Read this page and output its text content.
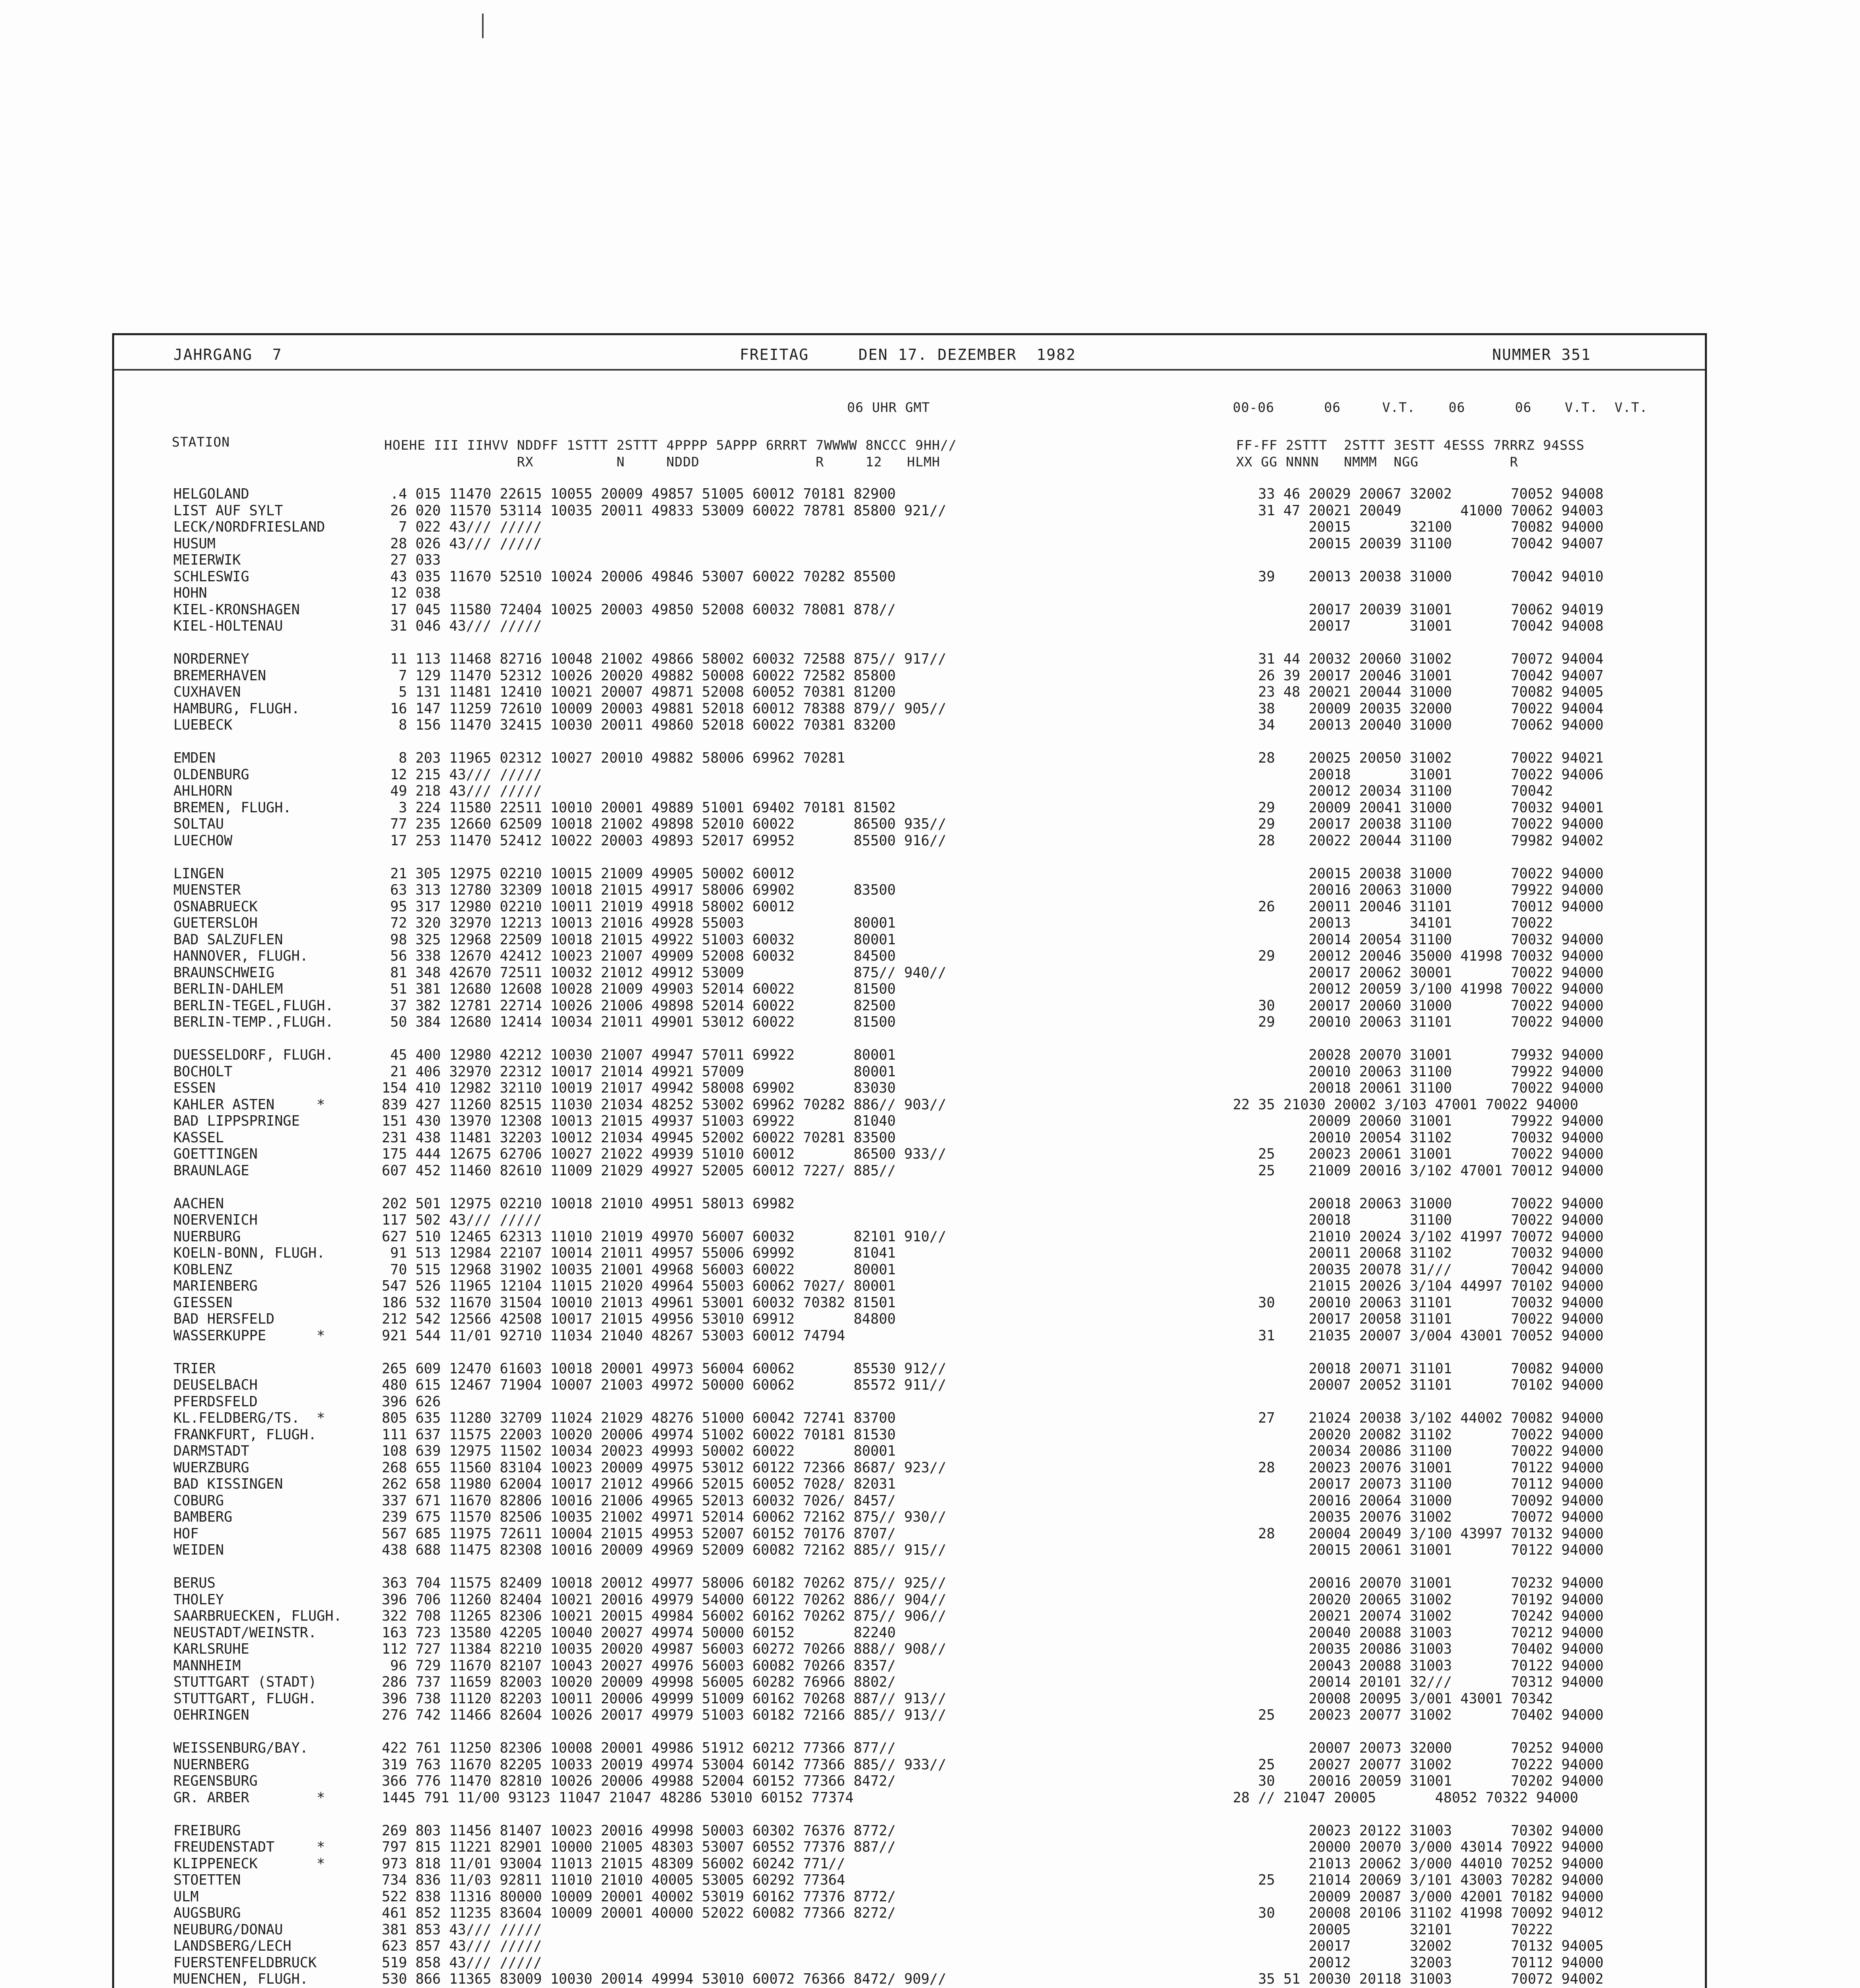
JAHRGANG  7	FREITAG     DEN 17. DEZEMBER  1982	NUMMER 351
06 UHR GMT	00-06      06     V.T.    06      06    V.T.  V.T.
STATION	HOEHE III IIHVV NDDFF 1STTT 2STTT 4PPPP 5APPP 6RRRT 7WWWW 8NCCC 9HH//
RX          N     NDDD              R     12   HLMH
FF-FF 2STTT  2STTT 3ESTT 4ESSS 7RRRZ 94SSS
XX GG NNNN   NMMM  NGG           R
HELGOLAND	.4 015 11470 22615 10055 20009 49857 51005 60012 70181 82900	33 46 20029 20067 32002       70052 94008
LIST AUF SYLT	26 020 11570 53114 10035 20011 49833 53009 60022 78781 85800 921//	31 47 20021 20049       41000 70062 94003
LECK/NORDFRIESLAND	7 022 43/// /////	20015       32100       70082 94000
HUSUM	28 026 43/// /////	20015 20039 31100       70042 94007
MEIERWIK	27 033
SCHLESWIG	43 035 11670 52510 10024 20006 49846 53007 60022 70282 85500	39    20013 20038 31000       70042 94010
HOHN	12 038
KIEL-KRONSHAGEN	17 045 11580 72404 10025 20003 49850 52008 60032 78081 878//	20017 20039 31001       70062 94019
KIEL-HOLTENAU	31 046 43/// /////	20017       31001       70042 94008
NORDERNEY	11 113 11468 82716 10048 21002 49866 58002 60032 72588 875// 917//	31 44 20032 20060 31002       70072 94004
BREMERHAVEN	7 129 11470 52312 10026 20020 49882 50008 60022 72582 85800	26 39 20017 20046 31001       70042 94007
CUXHAVEN	5 131 11481 12410 10021 20007 49871 52008 60052 70381 81200	23 48 20021 20044 31000       70082 94005
HAMBURG, FLUGH.	16 147 11259 72610 10009 20003 49881 52018 60012 78388 879// 905//	38    20009 20035 32000       70022 94004
LUEBECK	8 156 11470 32415 10030 20011 49860 52018 60022 70381 83200	34    20013 20040 31000       70062 94000
EMDEN	8 203 11965 02312 10027 20010 49882 58006 69962 70281	28    20025 20050 31002       70022 94021
OLDENBURG	12 215 43/// /////	20018       31001       70022 94006
AHLHORN	49 218 43/// /////	20012 20034 31100       70042
BREMEN, FLUGH.	3 224 11580 22511 10010 20001 49889 51001 69402 70181 81502	29    20009 20041 31000       70032 94001
SOLTAU	77 235 12660 62509 10018 21002 49898 52010 60022       86500 935//	29    20017 20038 31100       70022 94000
LUECHOW	17 253 11470 52412 10022 20003 49893 52017 69952       85500 916//	28    20022 20044 31100       79982 94002
LINGEN	21 305 12975 02210 10015 21009 49905 50002 60012	20015 20038 31000       70022 94000
MUENSTER	63 313 12780 32309 10018 21015 49917 58006 69902       83500	20016 20063 31000       79922 94000
OSNABRUECK	95 317 12980 02210 10011 21019 49918 58002 60012	26    20011 20046 31101       70012 94000
GUETERSLOH	72 320 32970 12213 10013 21016 49928 55003             80001	20013       34101       70022
BAD SALZUFLEN	98 325 12968 22509 10018 21015 49922 51003 60032       80001	20014 20054 31100       70032 94000
HANNOVER, FLUGH.	56 338 12670 42412 10023 21007 49909 52008 60032       84500	29    20012 20046 35000 41998 70032 94000
BRAUNSCHWEIG	81 348 42670 72511 10032 21012 49912 53009             875// 940//	20017 20062 30001       70022 94000
BERLIN-DAHLEM	51 381 12680 12608 10028 21009 49903 52014 60022       81500	20012 20059 3/100 41998 70022 94000
BERLIN-TEGEL,FLUGH.	37 382 12781 22714 10026 21006 49898 52014 60022       82500	30    20017 20060 31000       70022 94000
BERLIN-TEMP.,FLUGH.	50 384 12680 12414 10034 21011 49901 53012 60022       81500	29    20010 20063 31101       70022 94000
DUESSELDORF, FLUGH.	45 400 12980 42212 10030 21007 49947 57011 69922       80001	20028 20070 31001       79932 94000
BOCHOLT	21 406 32970 22312 10017 21014 49921 57009             80001	20010 20063 31100       79922 94000
ESSEN	154 410 12982 32110 10019 21017 49942 58008 69902       83030	20018 20061 31100       70022 94000
KAHLER ASTEN     *	839 427 11260 82515 11030 21034 48252 53002 69962 70282 886// 903//	22 35 21030 20002 3/103 47001 70022 94000
BAD LIPPSPRINGE	151 430 13970 12308 10013 21015 49937 51003 69922       81040	20009 20060 31001       79922 94000
KASSEL	231 438 11481 32203 10012 21034 49945 52002 60022 70281 83500	20010 20054 31102       70032 94000
GOETTINGEN	175 444 12675 62706 10027 21022 49939 51010 60012       86500 933//	25    20023 20061 31001       70022 94000
BRAUNLAGE	607 452 11460 82610 11009 21029 49927 52005 60012 7227/ 885//	25    21009 20016 3/102 47001 70012 94000
AACHEN	202 501 12975 02210 10018 21010 49951 58013 69982	20018 20063 31000       70022 94000
NOERVENICH	117 502 43/// /////	20018       31100       70022 94000
NUERBURG	627 510 12465 62313 11010 21019 49970 56007 60032       82101 910//	21010 20024 3/102 41997 70072 94000
KOELN-BONN, FLUGH.	91 513 12984 22107 10014 21011 49957 55006 69992       81041	20011 20068 31102       70032 94000
KOBLENZ	70 515 12968 31902 10035 21001 49968 56003 60022       80001	20035 20078 31///       70042 94000
MARIENBERG	547 526 11965 12104 11015 21020 49964 55003 60062 7027/ 80001	21015 20026 3/104 44997 70102 94000
GIESSEN	186 532 11670 31504 10010 21013 49961 53001 60032 70382 81501	30    20010 20063 31101       70032 94000
BAD HERSFELD	212 542 12566 42508 10017 21015 49956 53010 69912       84800	20017 20058 31101       70022 94000
WASSERKUPPE      *	921 544 11/01 92710 11034 21040 48267 53003 60012 74794	31    21035 20007 3/004 43001 70052 94000
TRIER	265 609 12470 61603 10018 20001 49973 56004 60062       85530 912//	20018 20071 31101       70082 94000
DEUSELBACH	480 615 12467 71904 10007 21003 49972 50000 60062       85572 911//	20007 20052 31101       70102 94000
PFERDSFELD	396 626
KL.FELDBERG/TS.  *	805 635 11280 32709 11024 21029 48276 51000 60042 72741 83700	27    21024 20038 3/102 44002 70082 94000
FRANKFURT, FLUGH.	111 637 11575 22003 10020 20006 49974 51002 60022 70181 81530	20020 20082 31102       70022 94000
DARMSTADT	108 639 12975 11502 10034 20023 49993 50002 60022       80001	20034 20086 31100       70022 94000
WUERZBURG	268 655 11560 83104 10023 20009 49975 53012 60122 72366 8687/ 923//	28    20023 20076 31001       70122 94000
BAD KISSINGEN	262 658 11980 62004 10017 21012 49966 52015 60052 7028/ 82031	20017 20073 31100       70112 94000
COBURG	337 671 11670 82806 10016 21006 49965 52013 60032 7026/ 8457/	20016 20064 31000       70092 94000
BAMBERG	239 675 11570 82506 10035 21002 49971 52014 60062 72162 875// 930//	20035 20076 31002       70072 94000
HOF	567 685 11975 72611 10004 21015 49953 52007 60152 70176 8707/	28    20004 20049 3/100 43997 70132 94000
WEIDEN	438 688 11475 82308 10016 20009 49969 52009 60082 72162 885// 915//	20015 20061 31001       70122 94000
BERUS	363 704 11575 82409 10018 20012 49977 58006 60182 70262 875// 925//	20016 20070 31001       70232 94000
THOLEY	396 706 11260 82404 10021 20016 49979 54000 60122 70262 886// 904//	20020 20065 31002       70192 94000
SAARBRUECKEN, FLUGH.	322 708 11265 82306 10021 20015 49984 56002 60162 70262 875// 906//	20021 20074 31002       70242 94000
NEUSTADT/WEINSTR.	163 723 13580 42205 10040 20027 49974 50000 60152       82240	20040 20088 31003       70212 94000
KARLSRUHE	112 727 11384 82210 10035 20020 49987 56003 60272 70266 888// 908//	20035 20086 31003       70402 94000
MANNHEIM	96 729 11670 82107 10043 20027 49976 56003 60082 70266 8357/	20043 20088 31003       70122 94000
STUTTGART (STADT)	286 737 11659 82003 10020 20009 49998 56005 60282 76966 8802/	20014 20101 32///       70312 94000
STUTTGART, FLUGH.	396 738 11120 82203 10011 20006 49999 51009 60162 70268 887// 913//	20008 20095 3/001 43001 70342
OEHRINGEN	276 742 11466 82604 10026 20017 49979 51003 60182 72166 885// 913//	25    20023 20077 31002       70402 94000
WEISSENBURG/BAY.	422 761 11250 82306 10008 20001 49986 51912 60212 77366 877//	20007 20073 32000       70252 94000
NUERNBERG	319 763 11670 82205 10033 20019 49974 53004 60142 77366 885// 933//	25    20027 20077 31002       70222 94000
REGENSBURG	366 776 11470 82810 10026 20006 49988 52004 60152 77366 8472/	30    20016 20059 31001       70202 94000
GR. ARBER        *	1445 791 11/00 93123 11047 21047 48286 53010 60152 77374	28 // 21047 20005       48052 70322 94000
FREIBURG	269 803 11456 81407 10023 20016 49998 50003 60302 76376 8772/	20023 20122 31003       70302 94000
FREUDENSTADT     *	797 815 11221 82901 10000 21005 48303 53007 60552 77376 887//	20000 20070 3/000 43014 70922 94000
KLIPPENECK       *	973 818 11/01 93004 11013 21015 48309 56002 60242 771//	21013 20062 3/000 44010 70252 94000
STOETTEN	734 836 11/03 92811 11010 21010 40005 53005 60292 77364	25    21014 20069 3/101 43003 70282 94000
ULM	522 838 11316 80000 10009 20001 40002 53019 60162 77376 8772/	20009 20087 3/000 42001 70182 94000
AUGSBURG	461 852 11235 83604 10009 20001 40000 52022 60082 77366 8272/	30    20008 20106 31102 41998 70092 94012
NEUBURG/DONAU	381 853 43/// /////	20005       32101       70222
LANDSBERG/LECH	623 857 43/// /////	20017       32002       70132 94005
FUERSTENFELDBRUCK	519 858 43/// /////	20012       32003       70112 94000
MUENCHEN, FLUGH.	530 866 11365 83009 10030 20014 49994 53010 60072 76366 8472/ 909//	35 51 20030 20118 31003       70072 94002
